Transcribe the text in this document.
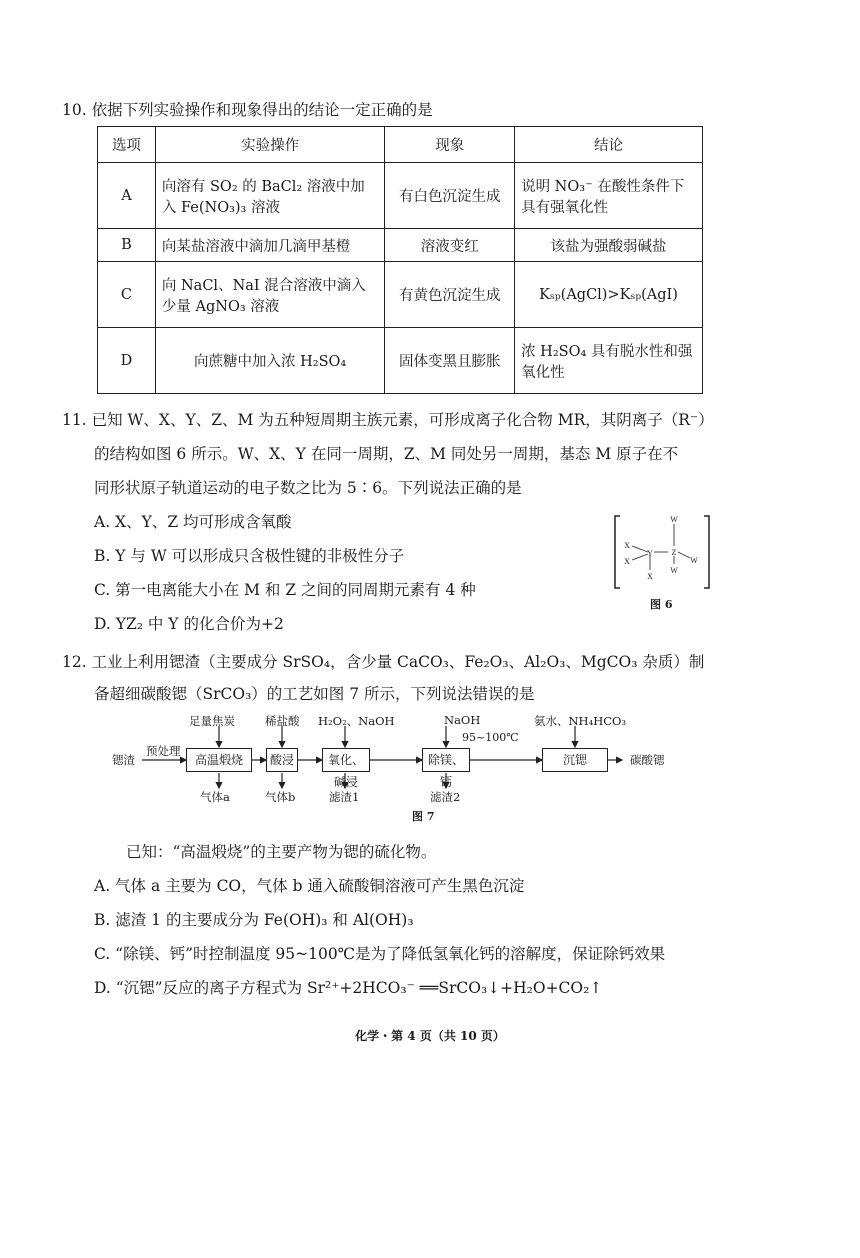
10. 依据下列实验操作和现象得出的结论一定正确的是
选项	实验操作	现象	结论
A	向溶有 SO₂ 的 BaCl₂ 溶液中加入 Fe(NO₃)₃ 溶液	有白色沉淀生成	说明 NO₃⁻ 在酸性条件下具有强氧化性
B	向某盐溶液中滴加几滴甲基橙	溶液变红	该盐为强酸弱碱盐
C	向 NaCl、NaI 混合溶液中滴入少量 AgNO₃ 溶液	有黄色沉淀生成	Kₛₚ(AgCl)>Kₛₚ(AgI)
D	向蔗糖中加入浓 H₂SO₄	固体变黑且膨胀	浓 H₂SO₄ 具有脱水性和强氧化性
11. 已知 W、X、Y、Z、M 为五种短周期主族元素，可形成离子化合物 MR，其阴离子（R⁻）
的结构如图 6 所示。W、X、Y 在同一周期，Z、M 同处另一周期，基态 M 原子在不
同形状原子轨道运动的电子数之比为 5∶6。下列说法正确的是
A. X、Y、Z 均可形成含氧酸
B. Y 与 W 可以形成只含极性键的非极性分子
C. 第一电离能大小在 M 和 Z 之间的同周期元素有 4 种
D. YZ₂ 中 Y 的化合价为+2
W
X
X
Y
X
Z
W
W
图 6
12. 工业上利用锶渣（主要成分 SrSO₄，含少量 CaCO₃、Fe₂O₃、Al₂O₃、MgCO₃ 杂质）制
备超细碳酸锶（SrCO₃）的工艺如图 7 所示，下列说法错误的是
锶渣
预处理
高温煅烧	酸浸	氧化、碱浸
除镁、钙
沉锶
足量焦炭	稀盐酸 H₂O₂、NaOH	NaOH
95~100℃
氨水、NH₄HCO₃
气体a	气体b	滤渣1	滤渣2
碳酸锶
图 7
已知：“高温煅烧”的主要产物为锶的硫化物。
A. 气体 a 主要为 CO，气体 b 通入硫酸铜溶液可产生黑色沉淀
B. 滤渣 1 的主要成分为 Fe(OH)₃ 和 Al(OH)₃
C. “除镁、钙”时控制温度 95~100℃是为了降低氢氧化钙的溶解度，保证除钙效果
D. “沉锶”反应的离子方程式为 Sr²⁺+2HCO₃⁻ ══SrCO₃↓+H₂O+CO₂↑
化学・第 4 页（共 10 页）
